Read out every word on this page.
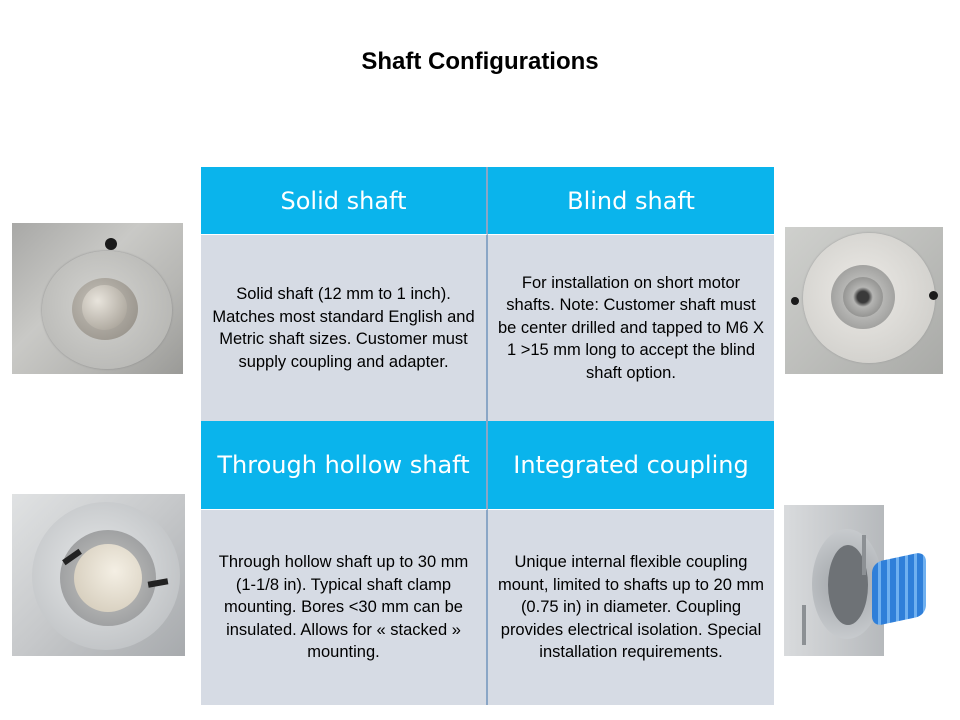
Shaft Configurations
Solid shaft	Blind shaft
Solid shaft (12 mm to 1 inch). Matches most standard English and Metric shaft sizes. Customer must supply coupling and adapter.
For installation on short motor shafts. Note: Customer shaft must be center drilled and tapped to M6 X 1 >15 mm long to accept the blind shaft option.
Through hollow shaft	Integrated coupling
Through hollow shaft up to 30 mm (1-1/8 in). Typical shaft clamp mounting. Bores <30 mm can be insulated. Allows for « stacked » mounting.
Unique internal flexible coupling mount, limited to shafts up to 20 mm (0.75 in) in diameter. Coupling provides electrical isolation. Special installation requirements.
